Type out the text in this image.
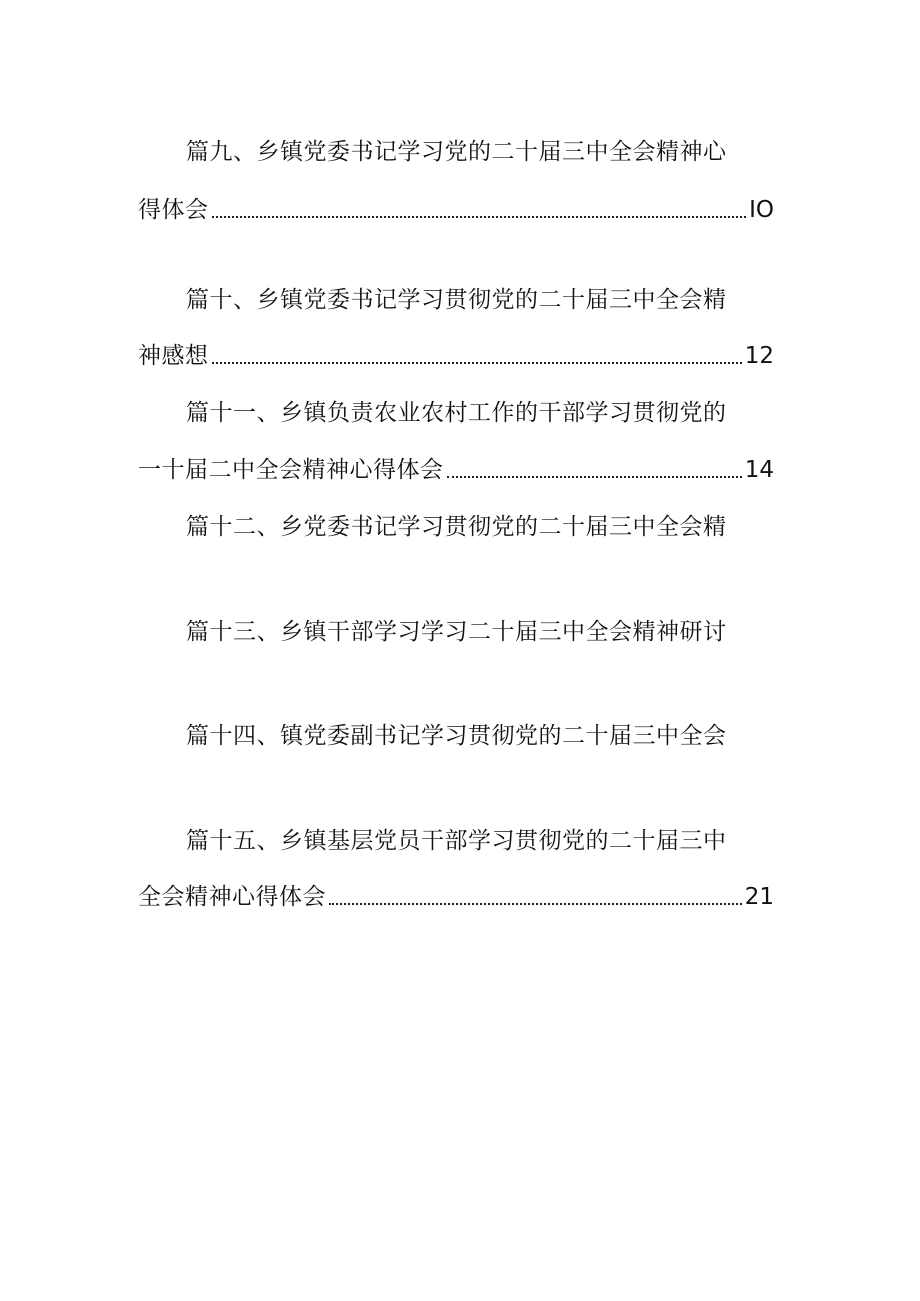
篇九、乡镇党委书记学习党的二十届三中全会精神心
得体会	IO
篇十、乡镇党委书记学习贯彻党的二十届三中全会精
神感想	12
篇十一、乡镇负责农业农村工作的干部学习贯彻党的
一十届二中全会精神心得体会	14
篇十二、乡党委书记学习贯彻党的二十届三中全会精
篇十三、乡镇干部学习学习二十届三中全会精神研讨
篇十四、镇党委副书记学习贯彻党的二十届三中全会
篇十五、乡镇基层党员干部学习贯彻党的二十届三中
全会精神心得体会	21
